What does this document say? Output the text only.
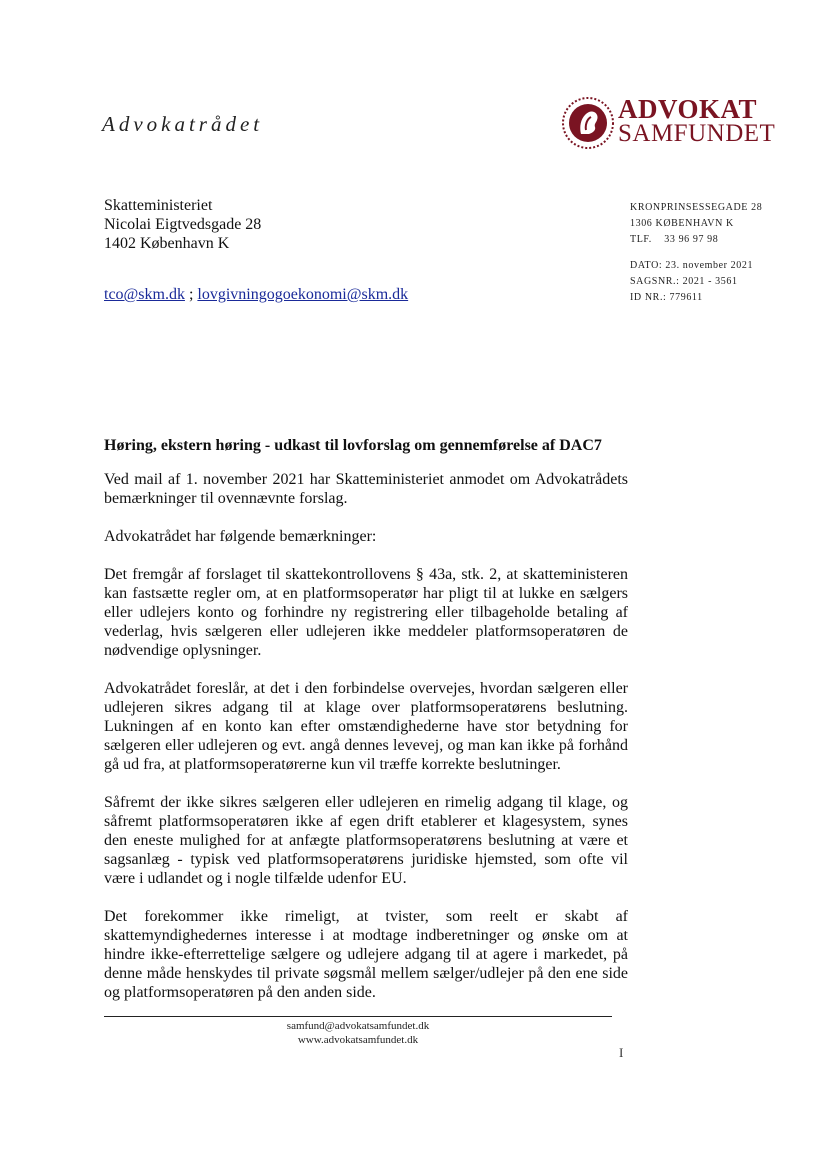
Advokatrådet	ADVOKAT
SAMFUNDET
Skatteministeriet
Nicolai Eigtvedsgade 28
1402 København K
tco@skm.dk ; lovgivningogoekonomi@skm.dk
KRONPRINSESSEGADE 28
1306 KØBENHAVN K
TLF.    33 96 97 98
DATO: 23. november 2021
SAGSNR.: 2021 - 3561
ID NR.: 779611
Høring, ekstern høring - udkast til lovforslag om gennemførelse af DAC7

Ved mail af 1. november 2021 har Skatteministeriet anmodet om Advokatrådets bemærkninger til ovennævnte forslag.

Advokatrådet har følgende bemærkninger:

Det fremgår af forslaget til skattekontrollovens § 43a, stk. 2, at skatteministeren kan fastsætte regler om, at en platformsoperatør har pligt til at lukke en sælgers eller udlejers konto og forhindre ny registrering eller tilbageholde betaling af vederlag, hvis sælgeren eller udlejeren ikke meddeler platformsoperatøren de nødvendige oplysninger.

Advokatrådet foreslår, at det i den forbindelse overvejes, hvordan sælgeren eller udlejeren sikres adgang til at klage over platformsoperatørens beslutning. Lukningen af en konto kan efter omstændighederne have stor betydning for sælgeren eller udlejeren og evt. angå dennes levevej, og man kan ikke på forhånd gå ud fra, at platformsoperatørerne kun vil træffe korrekte beslutninger.

Såfremt der ikke sikres sælgeren eller udlejeren en rimelig adgang til klage, og såfremt platformsoperatøren ikke af egen drift etablerer et klagesystem, synes den eneste mulighed for at anfægte platformsoperatørens beslutning at være et sagsanlæg - typisk ved platformsoperatørens juridiske hjemsted, som ofte vil være i udlandet og i nogle tilfælde udenfor EU.

Det forekommer ikke rimeligt, at tvister, som reelt er skabt af skattemyndighedernes interesse i at modtage indberetninger og ønske om at hindre ikke-efterrettelige sælgere og udlejere adgang til at agere i markedet, på denne måde henskydes til private søgsmål mellem sælger/udlejer på den ene side og platformsoperatøren på den anden side.

samfund@advokatsamfundet.dk
www.advokatsamfundet.dk
I
